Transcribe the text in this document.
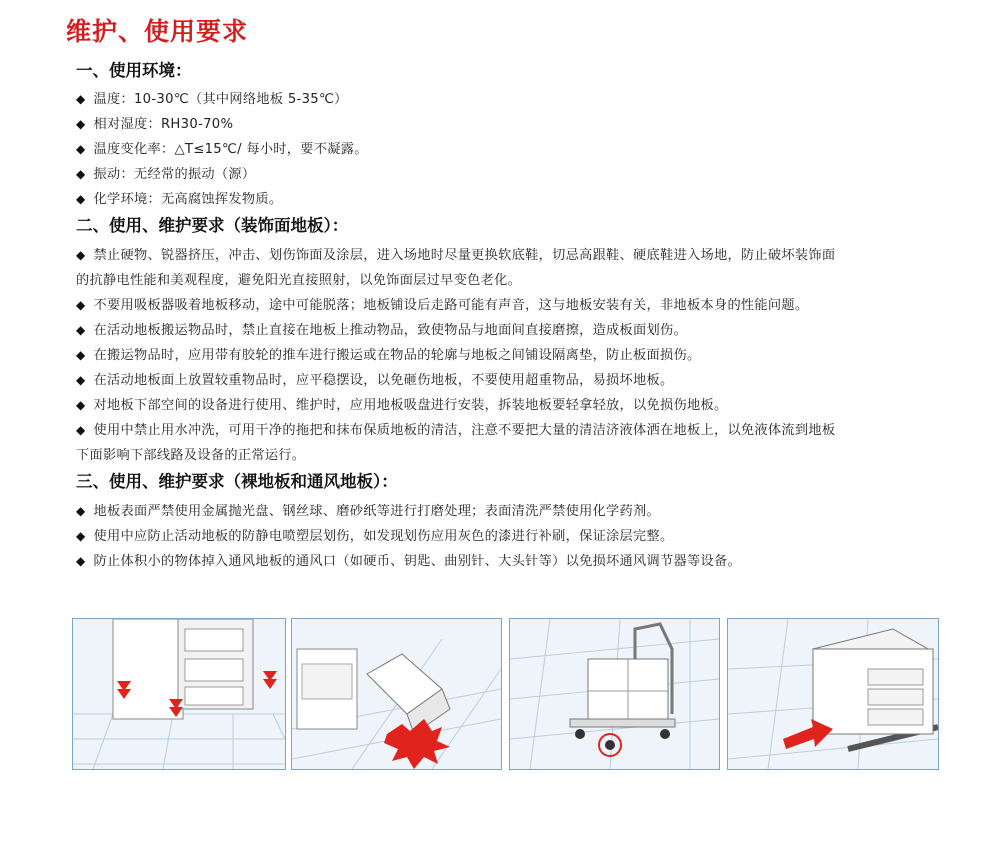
维护、使用要求
一、使用环境：
◆ 温度：10-30℃（其中网络地板 5-35℃）
◆ 相对湿度：RH30-70%
◆ 温度变化率：△T≤15℃/ 每小时，要不凝露。
◆ 振动：无经常的振动（源）
◆ 化学环境：无高腐蚀挥发物质。
二、使用、维护要求（装饰面地板）：
◆ 禁止硬物、锐器挤压，冲击、划伤饰面及涂层，进入场地时尽量更换软底鞋，切忌高跟鞋、硬底鞋进入场地，防止破坏装饰面
的抗静电性能和美观程度，避免阳光直接照射，以免饰面层过早变色老化。
◆ 不要用吸板器吸着地板移动，途中可能脱落；地板铺设后走路可能有声音，这与地板安装有关，非地板本身的性能问题。
◆ 在活动地板搬运物品时，禁止直接在地板上推动物品，致使物品与地面间直接磨擦，造成板面划伤。
◆ 在搬运物品时，应用带有胶轮的推车进行搬运或在物品的轮廓与地板之间铺设隔离垫，防止板面损伤。
◆ 在活动地板面上放置较重物品时，应平稳摆设，以免砸伤地板，不要使用超重物品，易损坏地板。
◆ 对地板下部空间的设备进行使用、维护时，应用地板吸盘进行安装，拆装地板要轻拿轻放，以免损伤地板。
◆ 使用中禁止用水冲洗，可用干净的拖把和抹布保质地板的清洁，注意不要把大量的清洁济液体洒在地板上，以免液体流到地板
下面影响下部线路及设备的正常运行。
三、使用、维护要求（裸地板和通风地板）：
◆ 地板表面严禁使用金属抛光盘、钢丝球、磨砂纸等进行打磨处理；表面清洗严禁使用化学药剂。
◆ 使用中应防止活动地板的防静电喷塑层划伤，如发现划伤应用灰色的漆进行补刷，保证涂层完整。
◆ 防止体积小的物体掉入通风地板的通风口（如硬币、钥匙、曲别针、大头针等）以免损坏通风调节器等设备。
